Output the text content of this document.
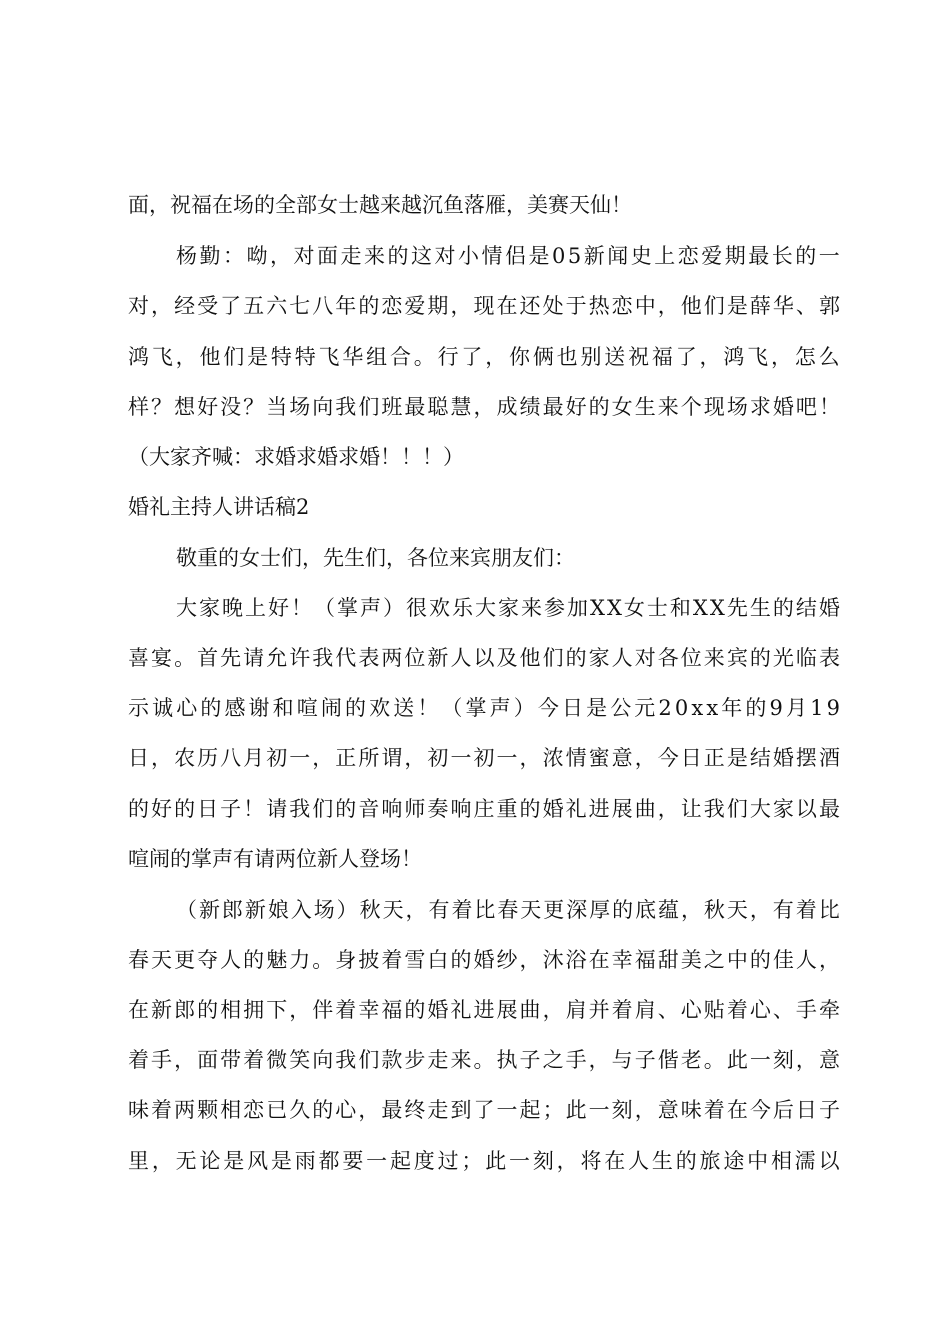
面，祝福在场的全部女士越来越沉鱼落雁，美赛天仙！
杨 勤 ： 呦 ， 对 面 走 来 的 这 对 小 情 侣 是 0 5 新 闻 史 上 恋 爱 期 最 长 的 一
对 ， 经 受 了 五 六 七 八 年 的 恋 爱 期 ， 现 在 还 处 于 热 恋 中 ， 他 们 是 薛 华 、 郭
鸿 飞 ， 他 们 是 特 特 飞 华 组 合 。 行 了 ， 你 俩 也 别 送 祝 福 了 ， 鸿 飞 ， 怎 么
样 ？ 想 好 没 ？ 当 场 向 我 们 班 最 聪 慧 ， 成 绩 最 好 的 女 生 来 个 现 场 求 婚 吧 ！
（大家齐喊：求婚求婚求婚！！！）
婚礼主持人讲话稿2
敬重的女士们，先生们，各位来宾朋友们：
大 家 晚 上 好 ！ （ 掌 声 ） 很 欢 乐 大 家 来 参 加 X X 女 士 和 X X 先 生 的 结 婚
喜 宴 。 首 先 请 允 许 我 代 表 两 位 新 人 以 及 他 们 的 家 人 对 各 位 来 宾 的 光 临 表
示 诚 心 的 感 谢 和 喧 闹 的 欢 送 ！ （ 掌 声 ） 今 日 是 公 元 2 0 x x 年 的 9 月 1 9
日 ， 农 历 八 月 初 一 ， 正 所 谓 ， 初 一 初 一 ， 浓 情 蜜 意 ， 今 日 正 是 结 婚 摆 酒
的 好 的 日 子 ！ 请 我 们 的 音 响 师 奏 响 庄 重 的 婚 礼 进 展 曲 ， 让 我 们 大 家 以 最
喧闹的掌声有请两位新人登场！
（ 新 郎 新 娘 入 场 ） 秋 天 ， 有 着 比 春 天 更 深 厚 的 底 蕴 ， 秋 天 ， 有 着 比
春 天 更 夺 人 的 魅 力 。 身 披 着 雪 白 的 婚 纱 ， 沐 浴 在 幸 福 甜 美 之 中 的 佳 人 ，
在 新 郎 的 相 拥 下 ， 伴 着 幸 福 的 婚 礼 进 展 曲 ， 肩 并 着 肩 、 心 贴 着 心 、 手 牵
着 手 ， 面 带 着 微 笑 向 我 们 款 步 走 来 。 执 子 之 手 ， 与 子 偕 老 。 此 一 刻 ， 意
味 着 两 颗 相 恋 已 久 的 心 ， 最 终 走 到 了 一 起 ； 此 一 刻 ， 意 味 着 在 今 后 日 子
里 ， 无 论 是 风 是 雨 都 要 一 起 度 过 ； 此 一 刻 ， 将 在 人 生 的 旅 途 中 相 濡 以
